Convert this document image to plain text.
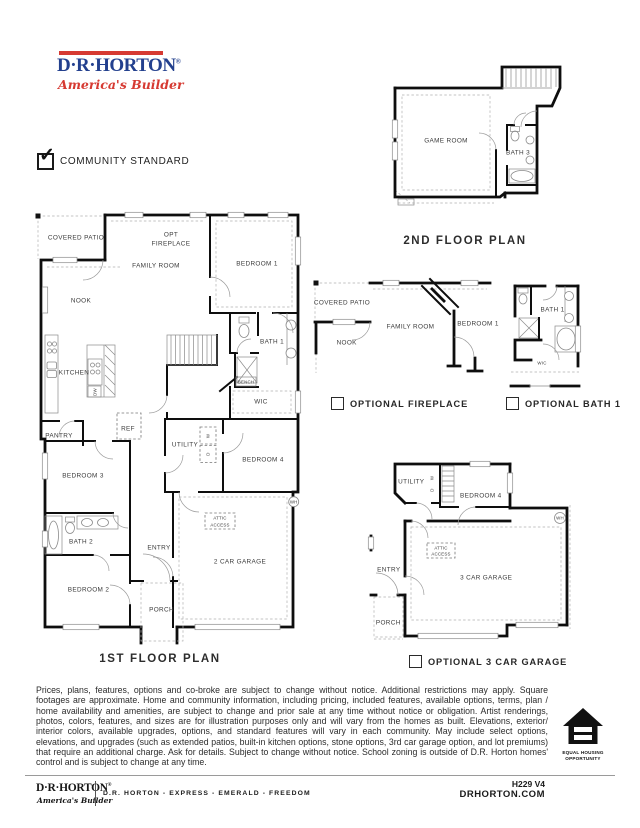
D·R·HORTON®
America's Builder
✓ COMMUNITY STANDARD
COVERED PATIO	OPT
FIREPLACE
FAMILY ROOM	BEDROOM 1
NOOK
KITCHEN
DW
BATH 1
BENCH
WIC
PANTRY
REF
UTILITY
W
D
BEDROOM 4
BEDROOM 3
WH
ATTIC
ACCESS
BATH 2
ENTRY
2 CAR GARAGE
BEDROOM 2
PORCH
1ST FLOOR PLAN
GAME ROOM
BATH 3
2ND FLOOR PLAN
COVERED PATIO
NOOK
FAMILY ROOM	BEDROOM 1
OPTIONAL FIREPLACE
BATH 1
WIC
OPTIONAL BATH 1
UTILITY
W
D
BEDROOM 4
WH
ATTIC
ACCESS
ENTRY
3 CAR GARAGE
PORCH
OPTIONAL 3 CAR GARAGE
Prices, plans, features, options and co-broke are subject to change without notice. Additional restrictions may apply. Square footages are approximate. Home and community information, including pricing, included features, available options, terms, plan / home availability and amenities, are subject to change and prior sale at any time without notice or obligation. Artist renderings, photos, colors, features, and sizes are for illustration purposes only and will vary from the homes as built. Elevations, exterior/ interior colors, available upgrades, options, and standard features will vary in each community. May include select options, elevations, and upgrades (such as extended patios, built-in kitchen options, stone options, 3rd car garage option, and lot premiums) that require an additional charge. Ask for details. Subject to change without notice. School zoning is outside of D.R. Horton homes' control and is subject to change at any time.
EQUAL HOUSING
OPPORTUNITY
D·R·HORTON®
America's Builder
D.R. HORTON - EXPRESS - EMERALD - FREEDOM
H229 V4
DRHORTON.COM
